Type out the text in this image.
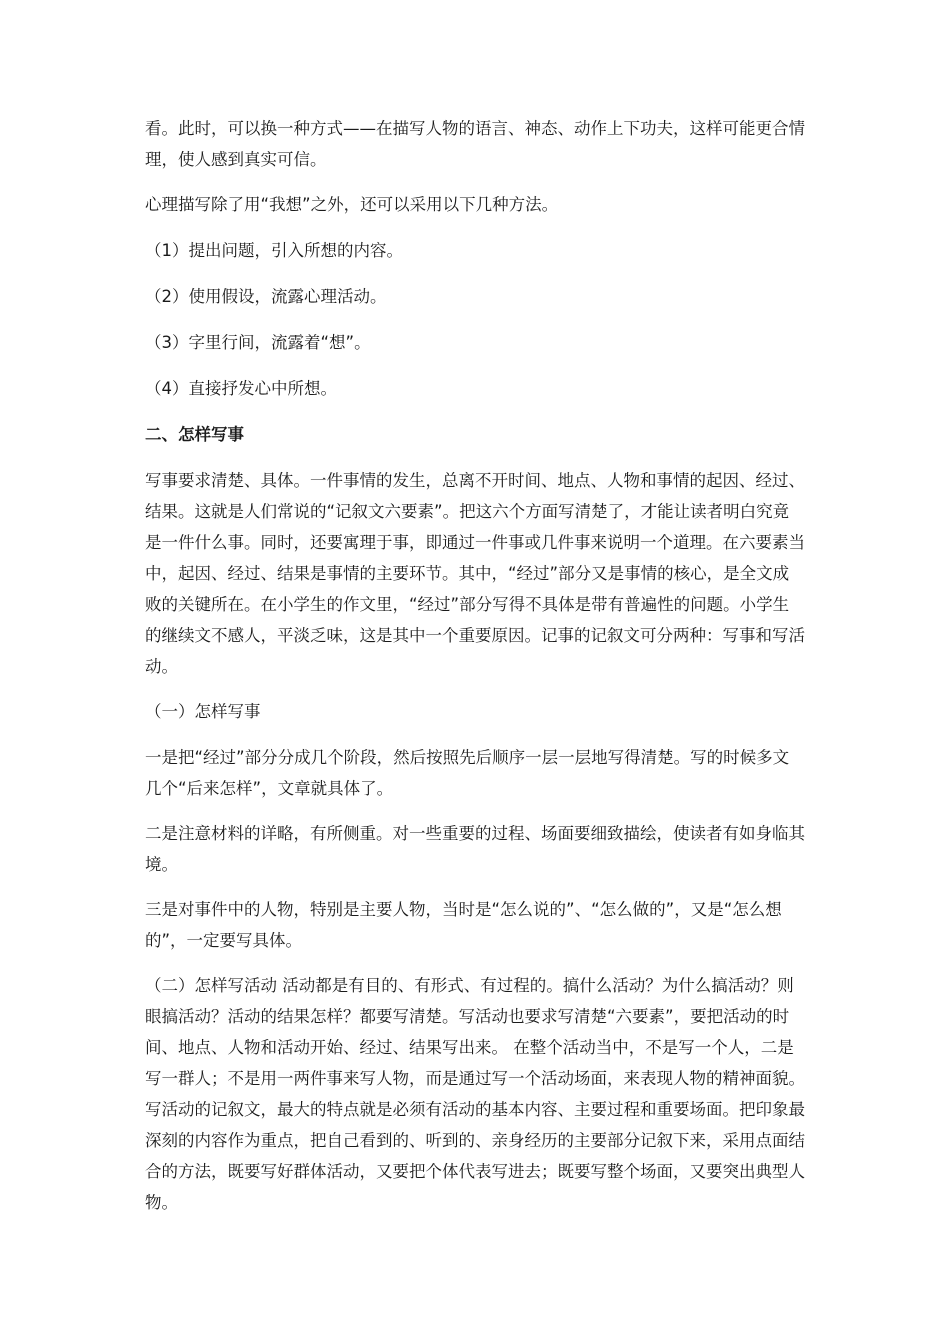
看。此时，可以换一种方式——在描写人物的语言、神态、动作上下功夫，这样可能更合情理，使人感到真实可信。

心理描写除了用“我想”之外，还可以采用以下几种方法。

（1）提出问题，引入所想的内容。

（2）使用假设，流露心理活动。

（3）字里行间，流露着“想”。

（4）直接抒发心中所想。

二、怎样写事

写事要求清楚、具体。一件事情的发生，总离不开时间、地点、人物和事情的起因、经过、结果。这就是人们常说的“记叙文六要素”。把这六个方面写清楚了，才能让读者明白究竟是一件什么事。同时，还要寓理于事，即通过一件事或几件事来说明一个道理。在六要素当中，起因、经过、结果是事情的主要环节。其中，“经过”部分又是事情的核心，是全文成败的关键所在。在小学生的作文里，“经过”部分写得不具体是带有普遍性的问题。小学生的继续文不感人，平淡乏味，这是其中一个重要原因。记事的记叙文可分两种：写事和写活动。

（一）怎样写事

一是把“经过”部分分成几个阶段，然后按照先后顺序一层一层地写得清楚。写的时候多文几个“后来怎样”，文章就具体了。

二是注意材料的详略，有所侧重。对一些重要的过程、场面要细致描绘，使读者有如身临其境。

三是对事件中的人物，特别是主要人物，当时是“怎么说的”、“怎么做的”，又是“怎么想的”，一定要写具体。

（二）怎样写活动 活动都是有目的、有形式、有过程的。搞什么活动？为什么搞活动？则眼搞活动？活动的结果怎样？都要写清楚。写活动也要求写清楚“六要素”，要把活动的时间、地点、人物和活动开始、经过、结果写出来。 在整个活动当中，不是写一个人，二是写一群人；不是用一两件事来写人物，而是通过写一个活动场面，来表现人物的精神面貌。写活动的记叙文，最大的特点就是必须有活动的基本内容、主要过程和重要场面。把印象最深刻的内容作为重点，把自己看到的、听到的、亲身经历的主要部分记叙下来，采用点面结合的方法，既要写好群体活动，又要把个体代表写进去；既要写整个场面，又要突出典型人物。
